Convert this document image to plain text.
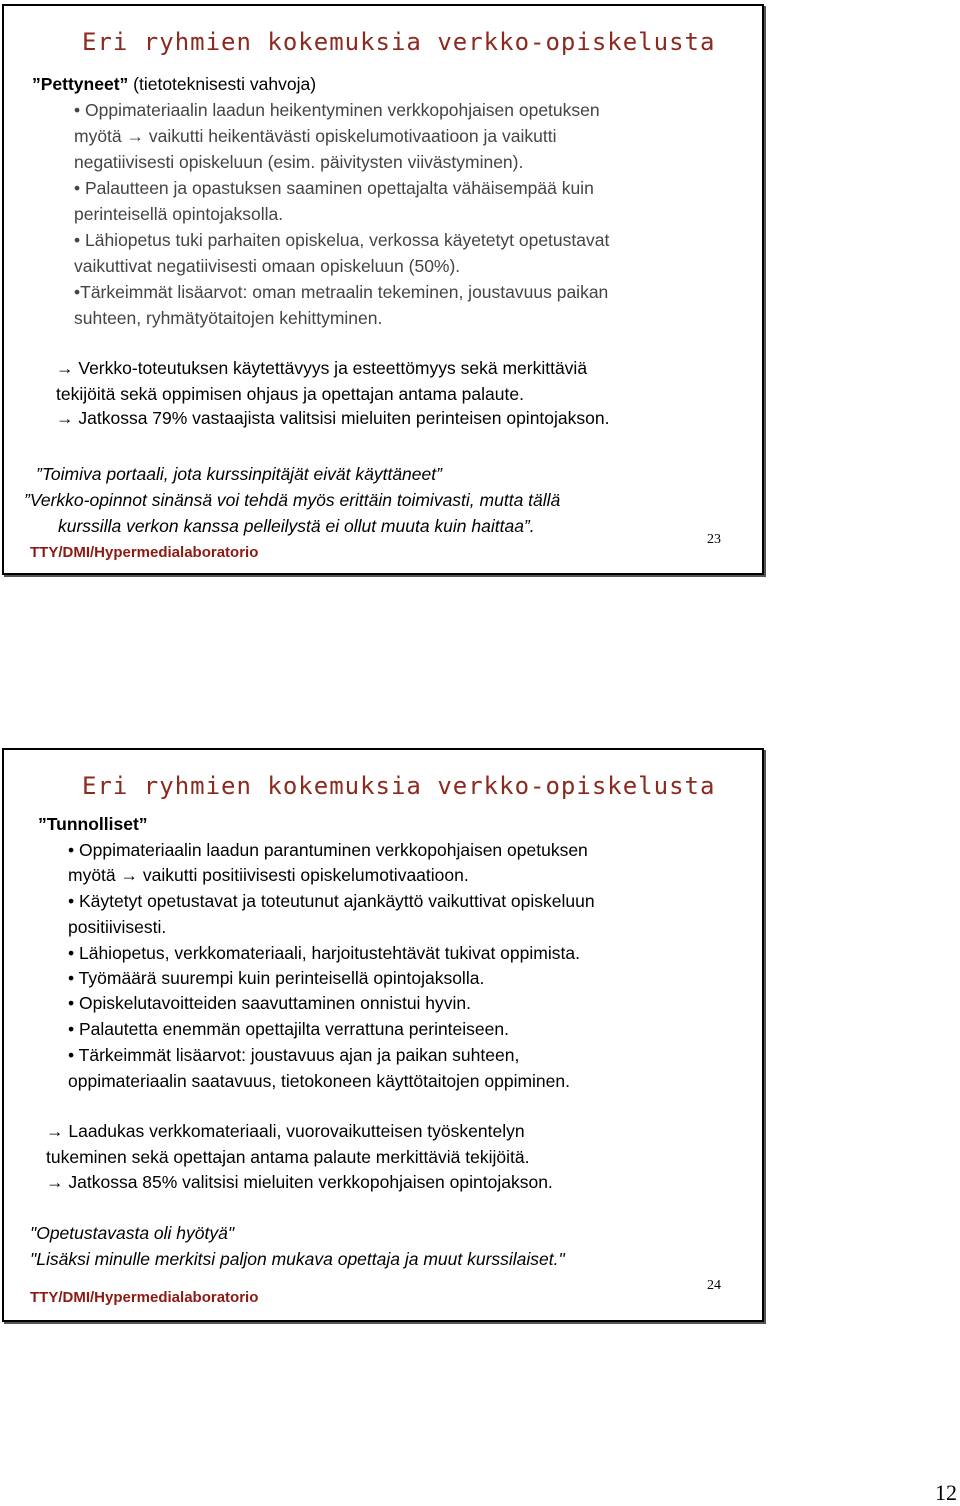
Eri ryhmien kokemuksia verkko-opiskelusta
”Pettyneet” (tietoteknisesti vahvoja)
• Oppimateriaalin laadun heikentyminen verkkopohjaisen opetuksen
myötä → vaikutti heikentävästi opiskelumotivaatioon ja vaikutti
negatiivisesti opiskeluun (esim. päivitysten viivästyminen).
• Palautteen ja opastuksen saaminen opettajalta vähäisempää kuin
perinteisellä opintojaksolla.
• Lähiopetus tuki parhaiten opiskelua, verkossa käyetetyt opetustavat
vaikuttivat negatiivisesti omaan opiskeluun (50%).
•Tärkeimmät lisäarvot: oman metraalin tekeminen, joustavuus paikan
suhteen, ryhmätyötaitojen kehittyminen.
→ Verkko-toteutuksen käytettävyys ja esteettömyys sekä merkittäviä
tekijöitä sekä oppimisen ohjaus ja opettajan antama palaute.
→ Jatkossa 79% vastaajista valitsisi mieluiten perinteisen opintojakson.
”Toimiva portaali, jota kurssinpitäjät eivät käyttäneet”
”Verkko-opinnot sinänsä voi tehdä myös erittäin toimivasti, mutta tällä
kurssilla verkon kanssa pelleilystä ei ollut muuta kuin haittaa”.
TTY/DMI/Hypermedialaboratorio
23
Eri ryhmien kokemuksia verkko-opiskelusta
”Tunnolliset”
• Oppimateriaalin laadun parantuminen verkkopohjaisen opetuksen
myötä → vaikutti positiivisesti opiskelumotivaatioon.
• Käytetyt opetustavat ja toteutunut ajankäyttö vaikuttivat opiskeluun
positiivisesti.
• Lähiopetus, verkkomateriaali, harjoitustehtävät tukivat oppimista.
• Työmäärä suurempi kuin perinteisellä opintojaksolla.
• Opiskelutavoitteiden saavuttaminen onnistui hyvin.
• Palautetta enemmän opettajilta verrattuna perinteiseen.
• Tärkeimmät lisäarvot: joustavuus ajan ja paikan suhteen,
oppimateriaalin saatavuus, tietokoneen käyttötaitojen oppiminen.
→ Laadukas verkkomateriaali, vuorovaikutteisen työskentelyn
tukeminen sekä opettajan antama palaute merkittäviä tekijöitä.
→ Jatkossa 85% valitsisi mieluiten verkkopohjaisen opintojakson.
"Opetustavasta oli hyötyä"
"Lisäksi minulle merkitsi paljon mukava opettaja ja muut kurssilaiset."
TTY/DMI/Hypermedialaboratorio
24
12
